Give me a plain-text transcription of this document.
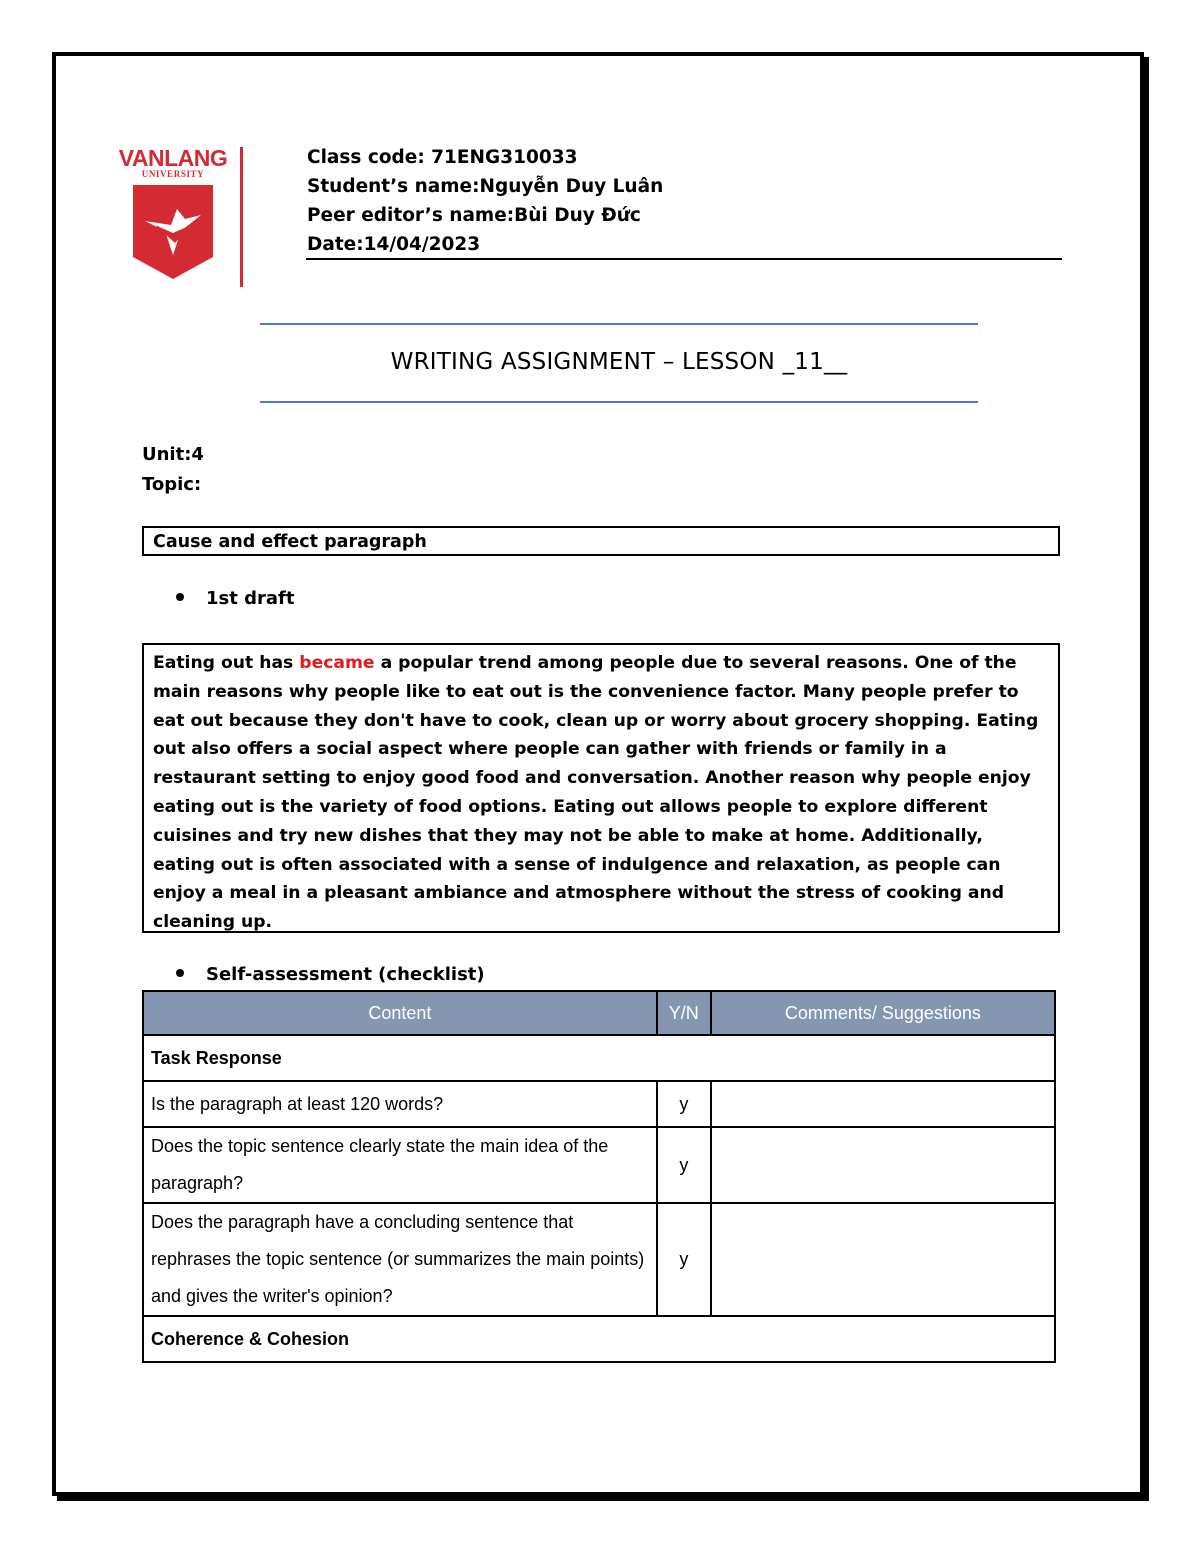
VANLANG
UNIVERSITY
Class code: 71ENG310033
Student’s name:Nguyễn Duy Luân
Peer editor’s name:Bùi Duy Đức
Date:14/04/2023
WRITING ASSIGNMENT – LESSON _11__
Unit:4
Topic:
Cause and effect paragraph
1st draft
Eating out has became a popular trend among people due to several reasons. One of the main reasons why people like to eat out is the convenience factor. Many people prefer to eat out because they don't have to cook, clean up or worry about grocery shopping. Eating out also offers a social aspect where people can gather with friends or family in a restaurant setting to enjoy good food and conversation. Another reason why people enjoy eating out is the variety of food options. Eating out allows people to explore different cuisines and try new dishes that they may not be able to make at home. Additionally, eating out is often associated with a sense of indulgence and relaxation, as people can enjoy a meal in a pleasant ambiance and atmosphere without the stress of cooking and cleaning up.
Self-assessment (checklist)
Content	Y/N	Comments/ Suggestions
Task Response		
Is the paragraph at least 120 words?	y	
Does the topic sentence clearly state the main idea of the paragraph?	y	
Does the paragraph have a concluding sentence that rephrases the topic sentence (or summarizes the main points) and gives the writer's opinion?	y	
Coherence & Cohesion		
